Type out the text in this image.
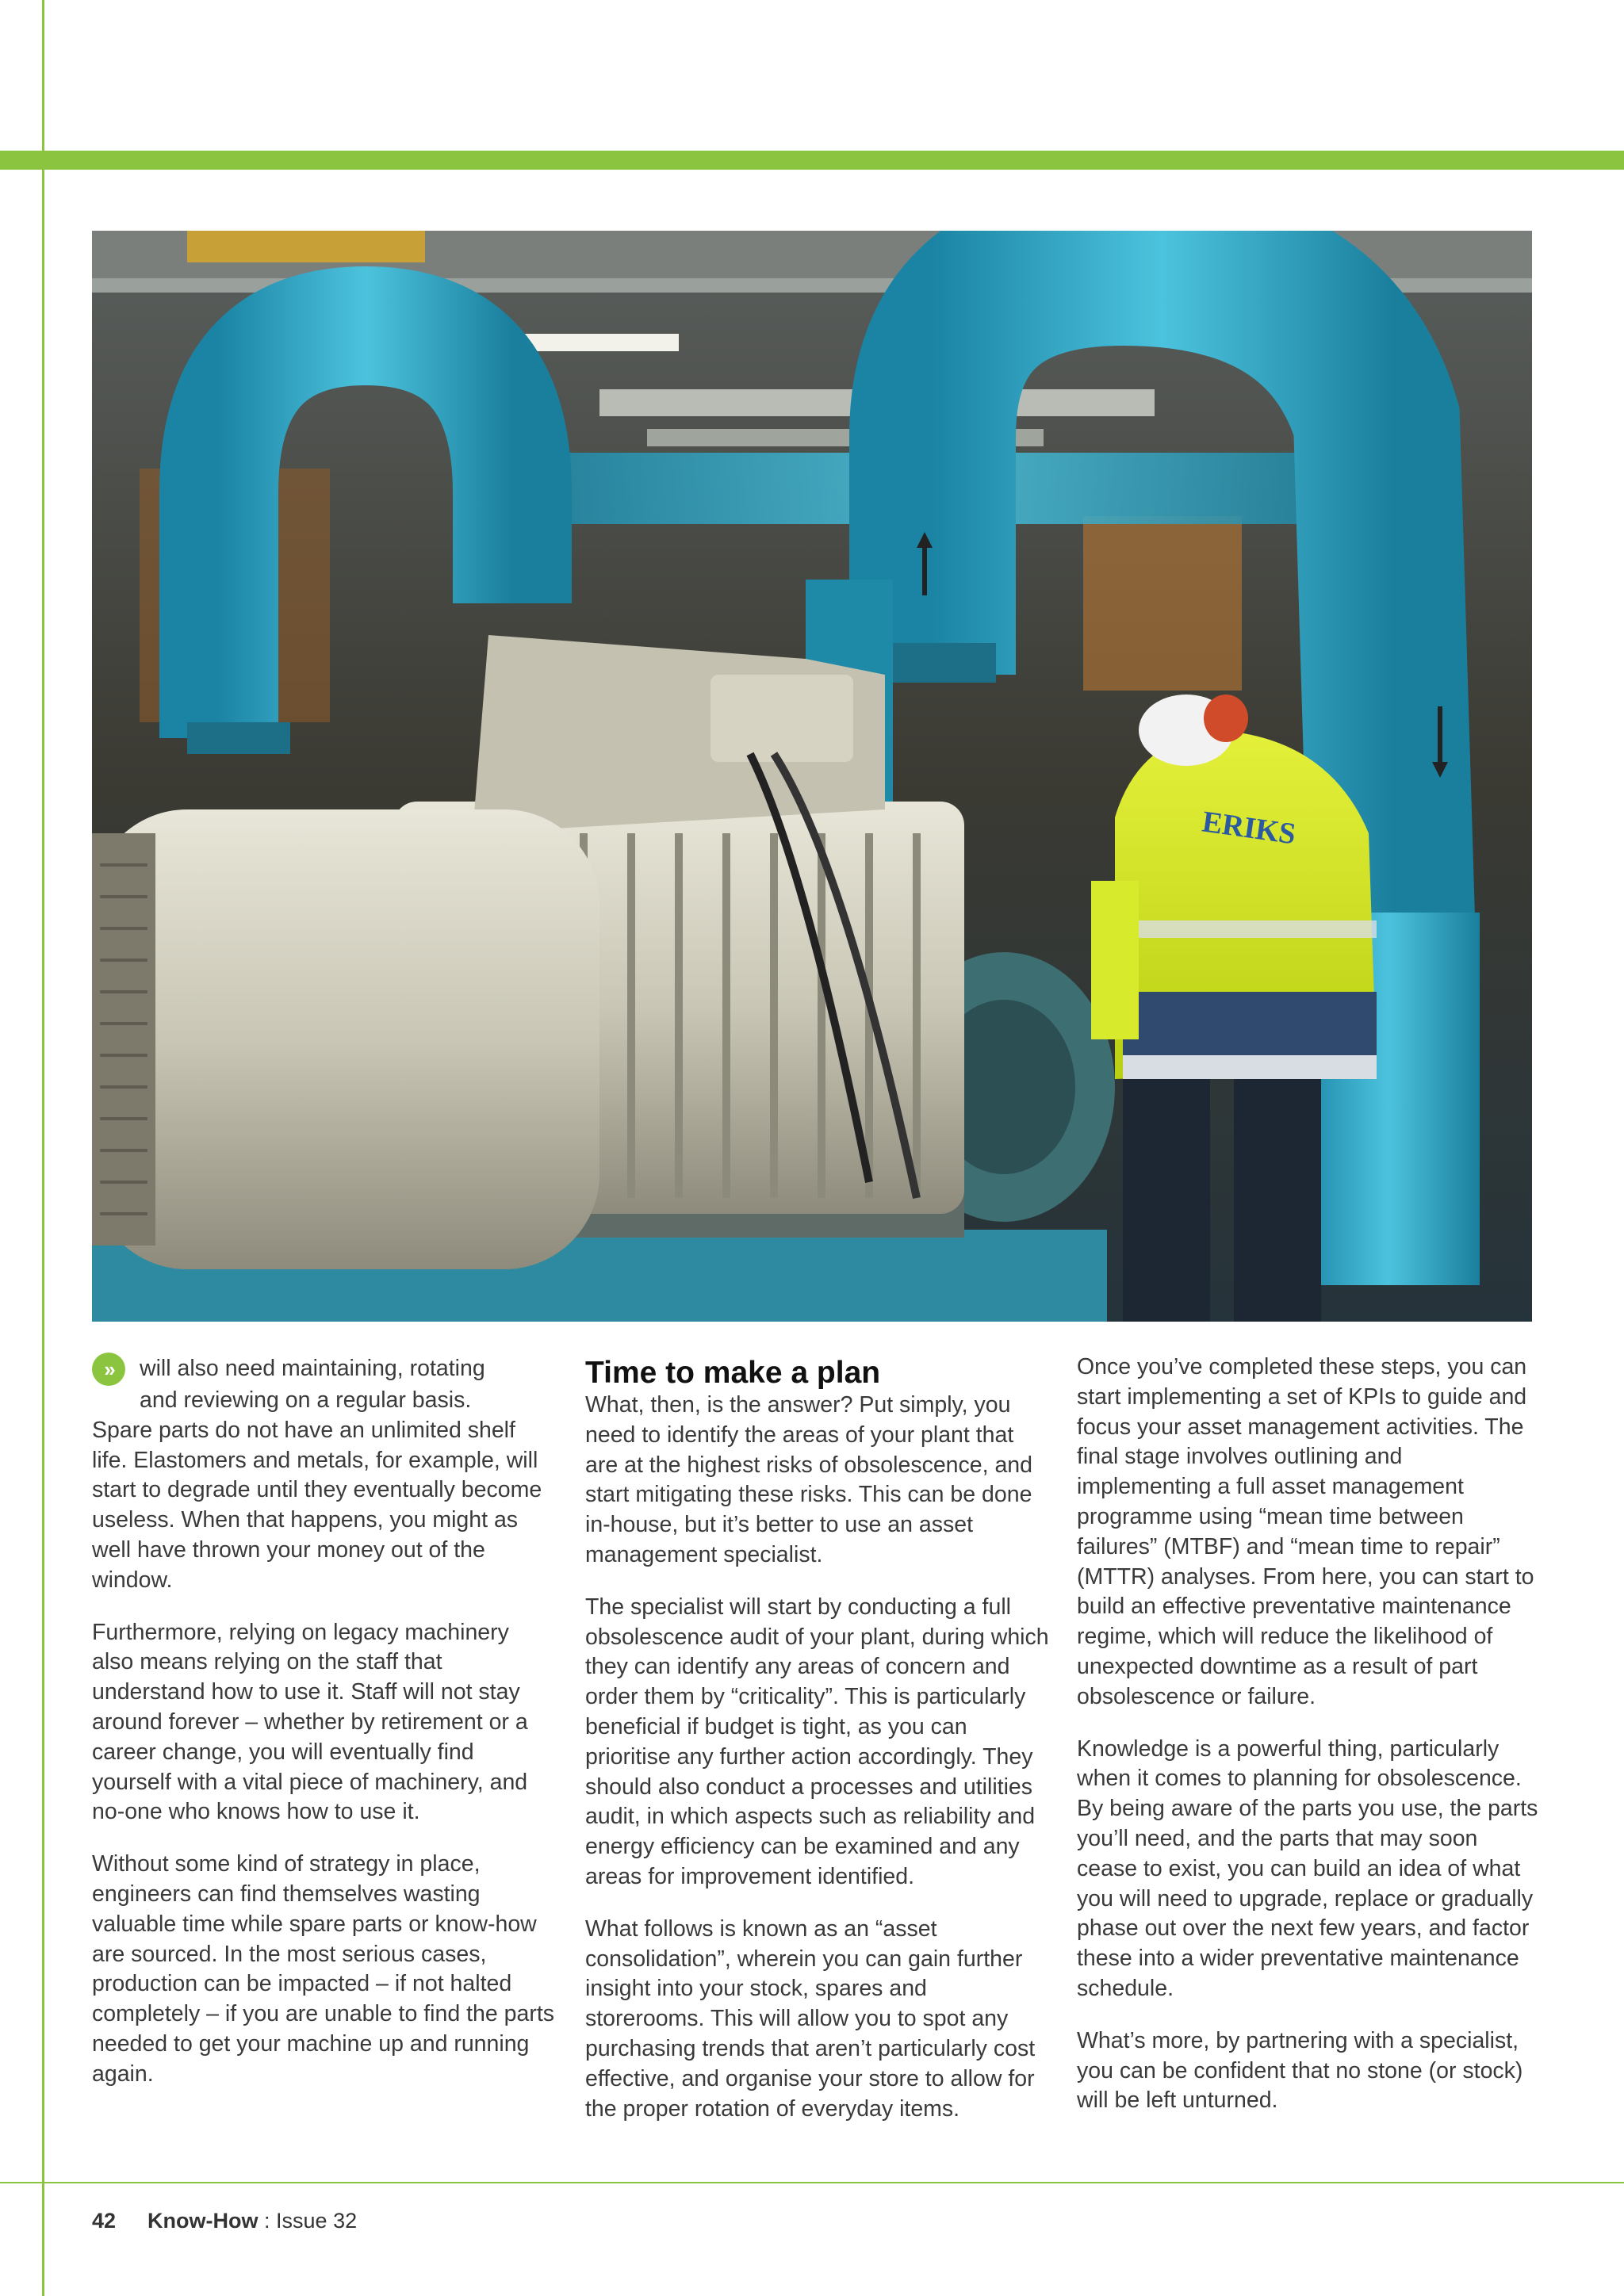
ERIKS
»	will also need maintaining, rotating

and reviewing on a regular basis.

Spare parts do not have an unlimited shelf life. Elastomers and metals, for example, will start to degrade until they eventually become useless. When that happens, you might as well have thrown your money out of the window.

Furthermore, relying on legacy machinery also means relying on the staff that understand how to use it. Staff will not stay around forever – whether by retirement or a career change, you will eventually find yourself with a vital piece of machinery, and no-one who knows how to use it.

Without some kind of strategy in place, engineers can find themselves wasting valuable time while spare parts or know-how are sourced. In the most serious cases, production can be impacted – if not halted completely – if you are unable to find the parts needed to get your machine up and running again.

Time to make a plan

What, then, is the answer? Put simply, you need to identify the areas of your plant that are at the highest risks of obsolescence, and start mitigating these risks. This can be done in-house, but it’s better to use an asset management specialist.

The specialist will start by conducting a full obsolescence audit of your plant, during which they can identify any areas of concern and order them by “criticality”. This is particularly beneficial if budget is tight, as you can prioritise any further action accordingly. They should also conduct a processes and utilities audit, in which aspects such as reliability and energy efficiency can be examined and any areas for improvement identified.

What follows is known as an “asset consolidation”, wherein you can gain further insight into your stock, spares and storerooms. This will allow you to spot any purchasing trends that aren’t particularly cost effective, and organise your store to allow for the proper rotation of everyday items.

Once you’ve completed these steps, you can start implementing a set of KPIs to guide and focus your asset management activities. The final stage involves outlining and implementing a full asset management programme using “mean time between failures” (MTBF) and “mean time to repair” (MTTR) analyses. From here, you can start to build an effective preventative maintenance regime, which will reduce the likelihood of unexpected downtime as a result of part obsolescence or failure.

Knowledge is a powerful thing, particularly when it comes to planning for obsolescence. By being aware of the parts you use, the parts you’ll need, and the parts that may soon cease to exist, you can build an idea of what you will need to upgrade, replace or gradually phase out over the next few years, and factor these into a wider preventative maintenance schedule.

What’s more, by partnering with a specialist, you can be confident that no stone (or stock) will be left unturned.

42 Know-How : Issue 32
